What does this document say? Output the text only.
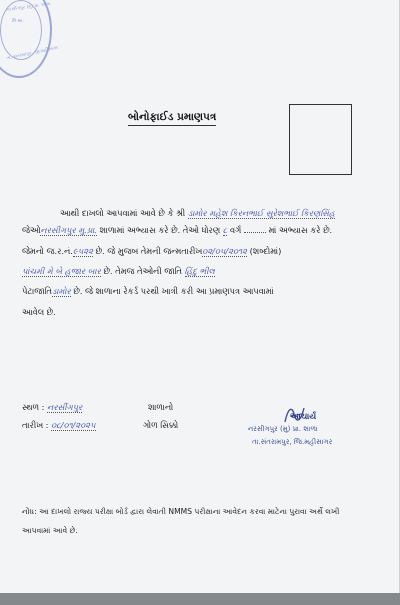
નરસીગપુર (મુ) પ્રા. શાળા
નિ.બા.
તા. સંતરામપુર, જી.મહીસાગર
બોનોફાઈડ પ્રમાણપત્ર
આથી દાખલો આપવામાં આવે છે કે શ્રી ડામોર મહેશ કિરનભાઈ સુરેશભાઈ કિરણસિંહ
જેઓનરસીગપુર મુ.પ્રા. શાળામાં અભ્યાસ કરે છે. તેઓ ધોરણ ૮ વર્ગ	માં અભ્યાસ કરે છે.
જેમનો જ.ર.નં.૯૫૨૨ છે. જે મુજબ તેમની જન્મતારીખ૦૨/૦૫/૨૦૧૨ (શબ્દોમાં)
પાંચમી મે બે હજાર બાર છે. તેમજ તેઓની જાતિ હિંદુ ભીલ
પેટાજાતિડામોર છે. જે શાળાના રેકર્ડ પરથી ખાત્રી કરી આ પ્રમાણપત્ર આપવામાં
આવેલ છે.
સ્થળ : નરસીંગપુર	શાળાનો
તારીખ : ૦૮/૦૧/૨૦૨૫	ગોળ સિક્કો
આચાર્ય
નરસીગપુર (મુ) પ્રા. શાળા
તા.સંતરામપુર, જિ.મહીસાગર
નોંધ: આ દાખલો રાજ્ય પરીક્ષા બોર્ડ દ્વારા લેવાતી NMMS પરીક્ષાના આવેદન કરવા માટેના પુરાવા અર્થે લખી
આપવામાં આવે છે.
